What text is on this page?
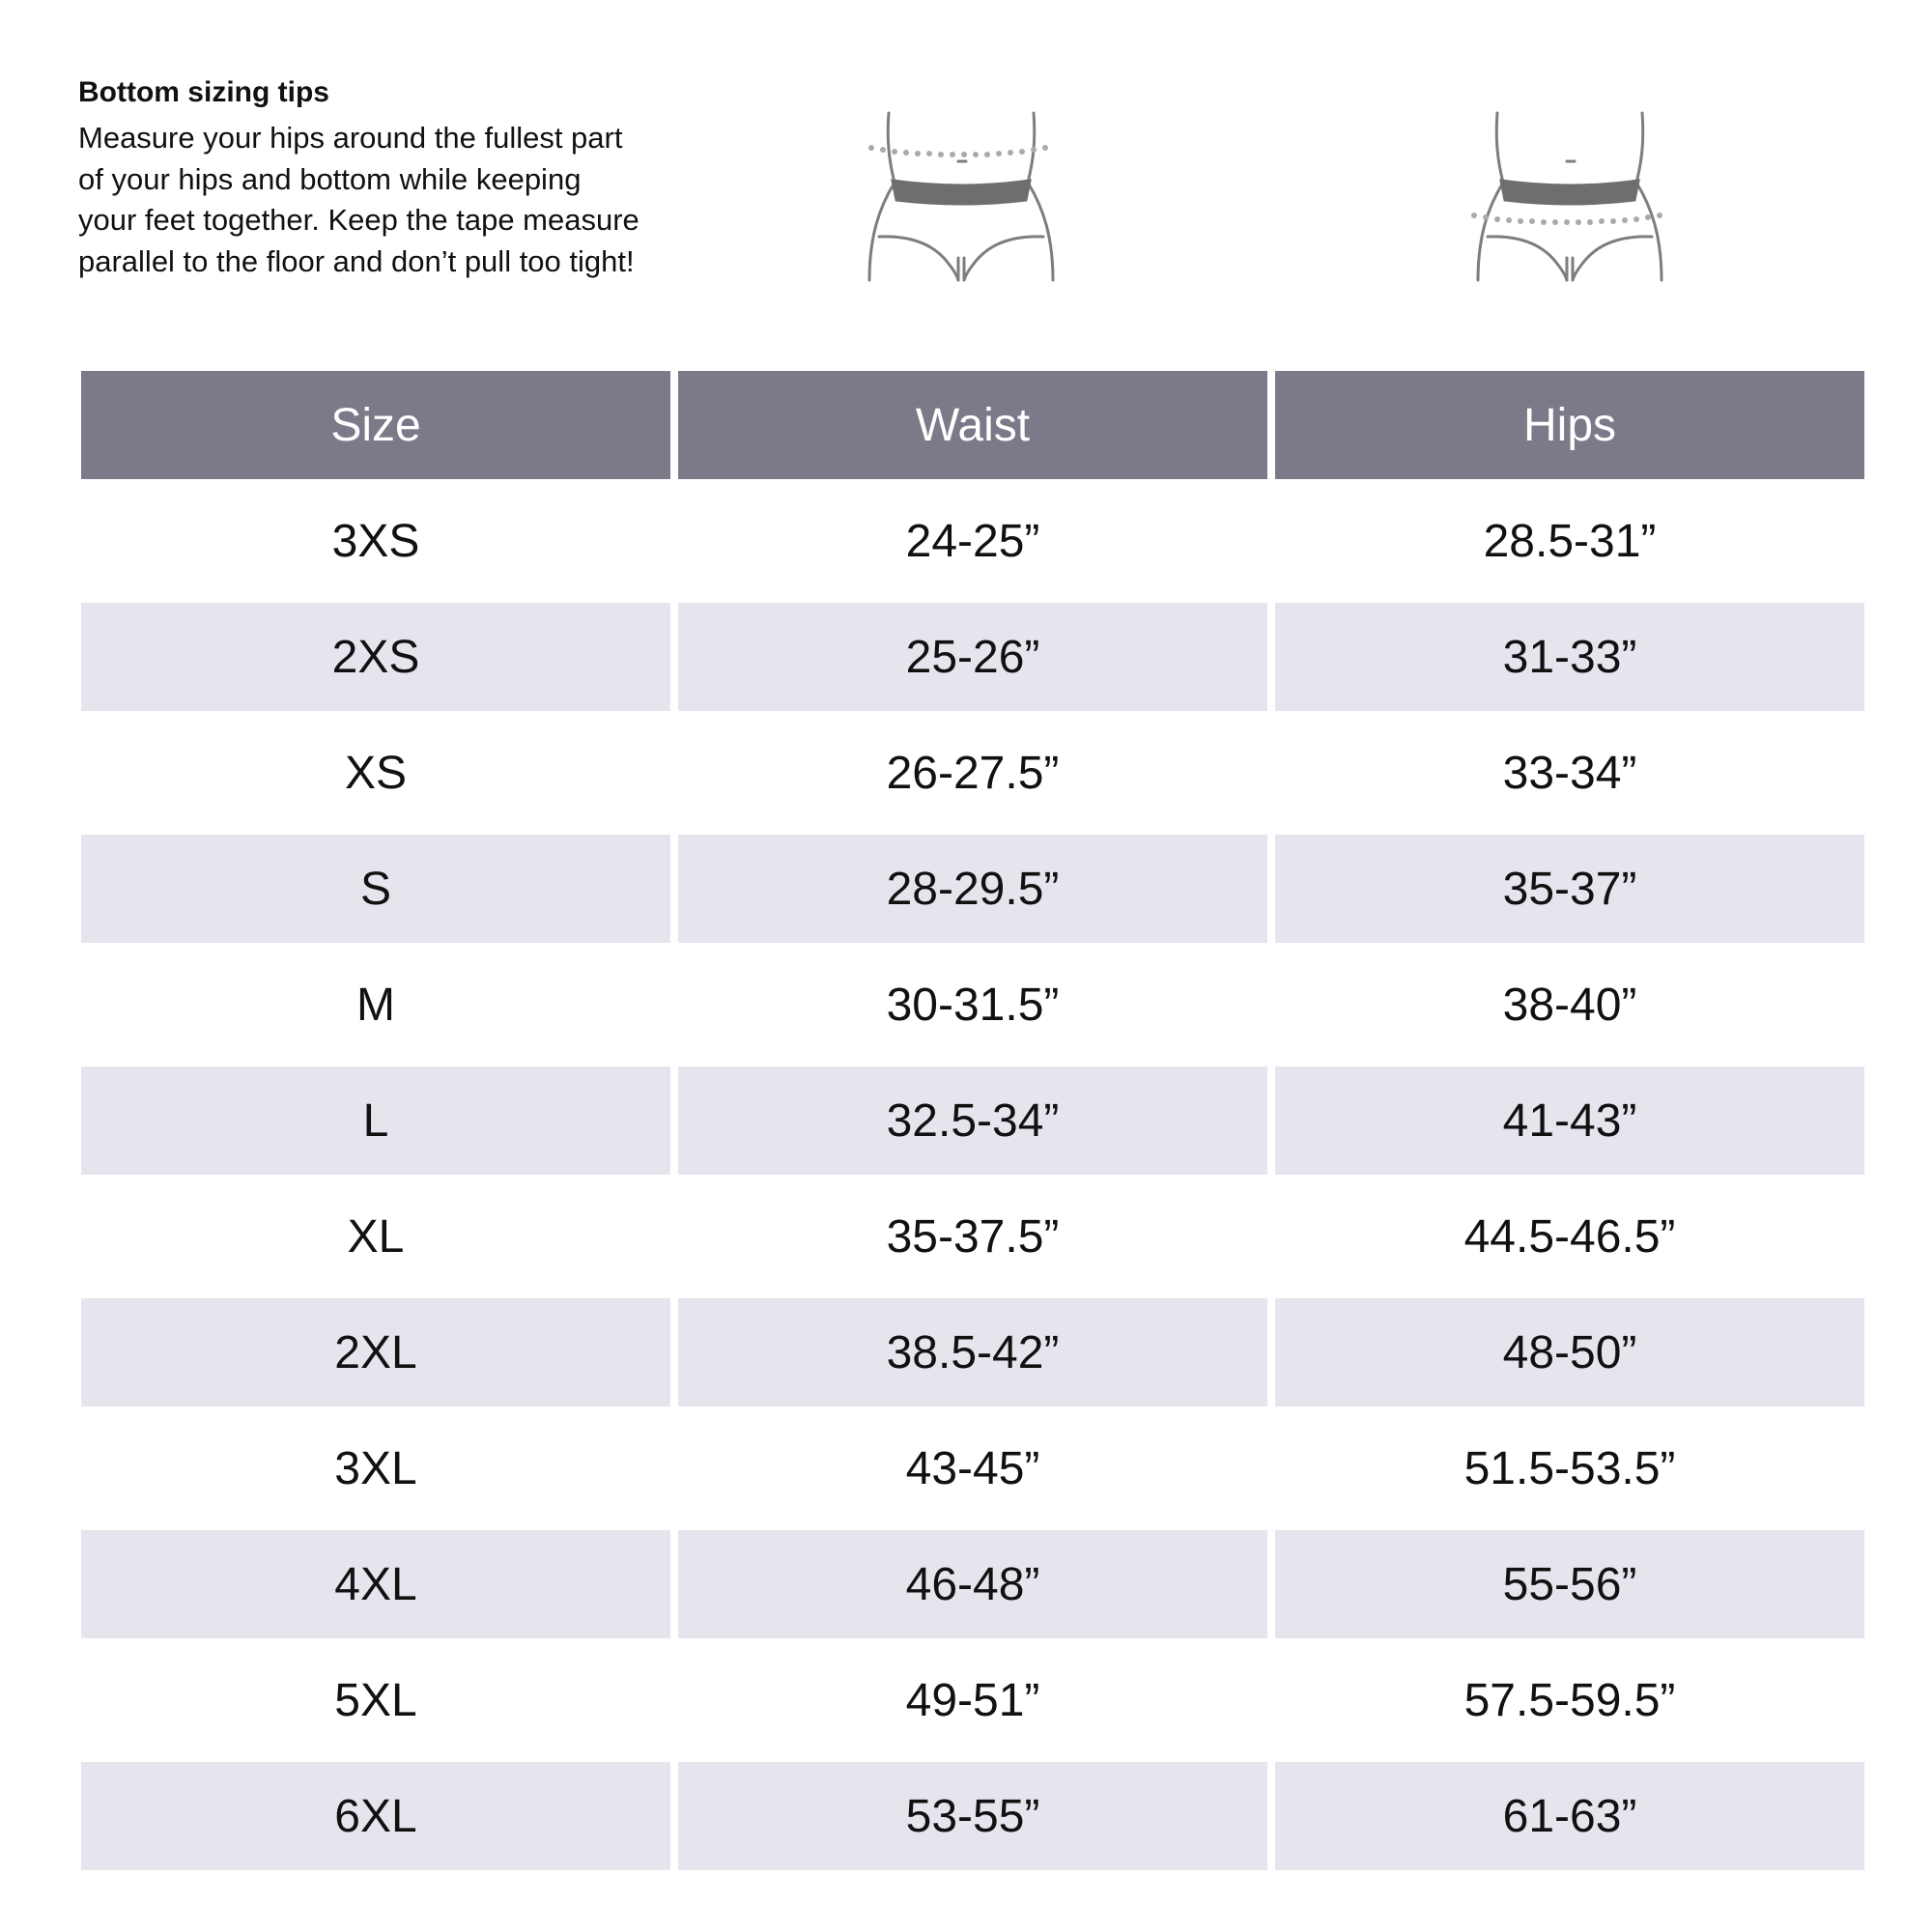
Bottom sizing tips

Measure your hips around the fullest part
of your hips and bottom while keeping
your feet together. Keep the tape measure
parallel to the floor and don’t pull too tight!

Size	Waist	Hips
3XS	24-25”	28.5-31”
2XS	25-26”	31-33”
XS	26-27.5”	33-34”
S	28-29.5”	35-37”
M	30-31.5”	38-40”
L	32.5-34”	41-43”
XL	35-37.5”	44.5-46.5”
2XL	38.5-42”	48-50”
3XL	43-45”	51.5-53.5”
4XL	46-48”	55-56”
5XL	49-51”	57.5-59.5”
6XL	53-55”	61-63”
